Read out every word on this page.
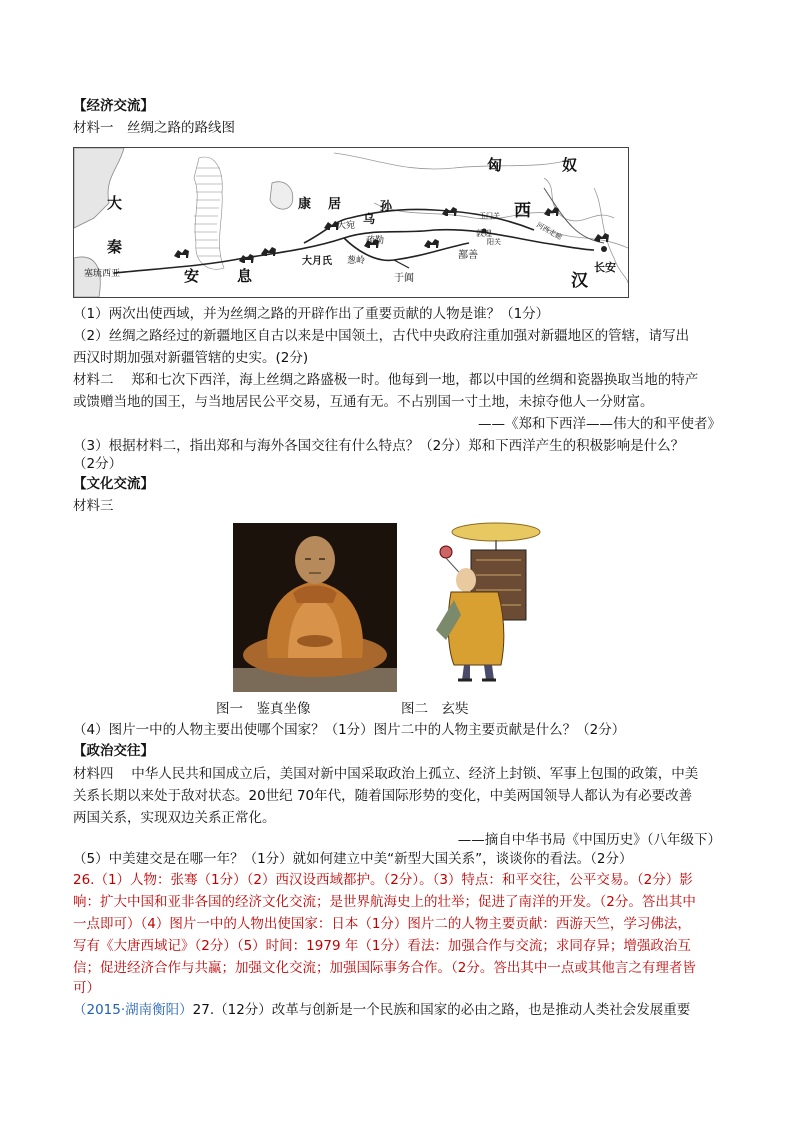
【经济交流】
材料一　丝绸之路的路线图
匈	奴
西
汉
大
秦
安	息
康 居
乌
孙
大宛
疏勒
葱岭
大月氏
于阗
鄯善
敦煌
玉门关
阳关
河西走廊
长安
塞琉西亚
（1）两次出使西域，并为丝绸之路的开辟作出了重要贡献的人物是谁？（1分）
（2）丝绸之路经过的新疆地区自古以来是中国领土，古代中央政府注重加强对新疆地区的管辖，请写出
西汉时期加强对新疆管辖的史实。(2分)
材料二　 郑和七次下西洋，海上丝绸之路盛极一时。他每到一地，都以中国的丝绸和瓷器换取当地的特产
或馈赠当地的国王，与当地居民公平交易，互通有无。不占别国一寸土地，未掠夺他人一分财富。
——《郑和下西洋——伟大的和平使者》
（3）根据材料二，指出郑和与海外各国交往有什么特点？（2分）郑和下西洋产生的积极影响是什么？
（2分）
【文化交流】
材料三
图一　鉴真坐像	图二　玄奘
（4）图片一中的人物主要出使哪个国家？（1分）图片二中的人物主要贡献是什么？（2分）
【政治交往】
材料四　 中华人民共和国成立后，美国对新中国采取政治上孤立、经济上封锁、军事上包围的政策，中美
关系长期以来处于敌对状态。20世纪 70年代，随着国际形势的变化，中美两国领导人都认为有必要改善
两国关系，实现双边关系正常化。
——摘自中华书局《中国历史》（八年级下）
（5）中美建交是在哪一年？（1分）就如何建立中美“新型大国关系”，谈谈你的看法。（2分）
26.（1）人物：张骞（1分）（2）西汉设西域都护。（2分）。（3）特点：和平交往，公平交易。（2分）影
响：扩大中国和亚非各国的经济文化交流；是世界航海史上的壮举；促进了南洋的开发。（2分。答出其中
一点即可）（4）图片一中的人物出使国家：日本（1分）图片二的人物主要贡献：西游天竺，学习佛法，
写有《大唐西域记》（2分）（5）时间：1979 年（1分）看法：加强合作与交流；求同存异；增强政治互
信；促进经济合作与共赢；加强文化交流；加强国际事务合作。（2分。答出其中一点或其他言之有理者皆
可）
（2015·湖南衡阳）27.（12分）改革与创新是一个民族和国家的必由之路，也是推动人类社会发展重要
